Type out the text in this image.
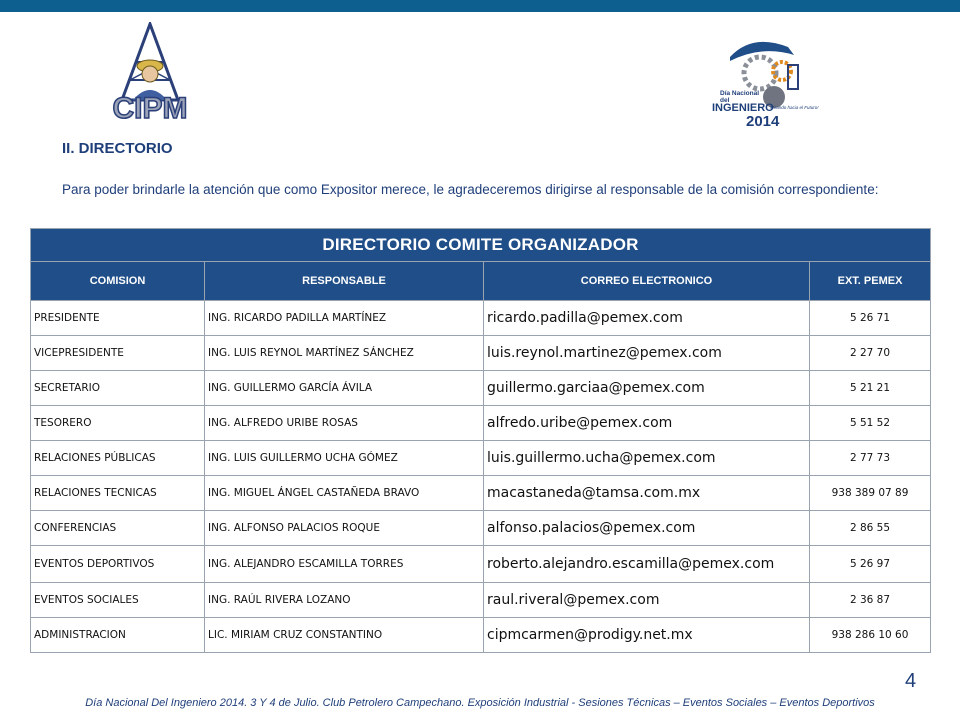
CIPM	Día Nacional
del
INGENIERO
2014
Mirando hacia el Futuro!
II. DIRECTORIO

Para poder brindarle la atención que como Expositor merece, le agradeceremos dirigirse al responsable de la comisión correspondiente:

DIRECTORIO COMITE ORGANIZADOR			
COMISION	RESPONSABLE	CORREO ELECTRONICO	EXT. PEMEX
PRESIDENTE	ING. RICARDO PADILLA MARTÍNEZ	ricardo.padilla@pemex.com	5 26 71
VICEPRESIDENTE	ING. LUIS REYNOL MARTÍNEZ SÁNCHEZ	luis.reynol.martinez@pemex.com	2 27 70
SECRETARIO	ING. GUILLERMO GARCÍA ÁVILA	guillermo.garciaa@pemex.com	5 21 21
TESORERO	ING. ALFREDO URIBE ROSAS	alfredo.uribe@pemex.com	5 51 52
RELACIONES PÚBLICAS	ING. LUIS GUILLERMO UCHA GÓMEZ	luis.guillermo.ucha@pemex.com	2 77 73
RELACIONES TECNICAS	ING. MIGUEL ÁNGEL CASTAÑEDA BRAVO	macastaneda@tamsa.com.mx	938 389 07 89
CONFERENCIAS	ING. ALFONSO PALACIOS ROQUE	alfonso.palacios@pemex.com	2 86 55
EVENTOS DEPORTIVOS	ING. ALEJANDRO ESCAMILLA TORRES	roberto.alejandro.escamilla@pemex.com	5 26 97
EVENTOS SOCIALES	ING. RAÚL RIVERA LOZANO	raul.riveral@pemex.com	2 36 87
ADMINISTRACION	LIC. MIRIAM CRUZ CONSTANTINO	cipmcarmen@prodigy.net.mx	938 286 10 60
4
Día Nacional Del Ingeniero 2014. 3 Y 4 de Julio. Club Petrolero Campechano. Exposición Industrial - Sesiones Técnicas – Eventos Sociales – Eventos Deportivos
